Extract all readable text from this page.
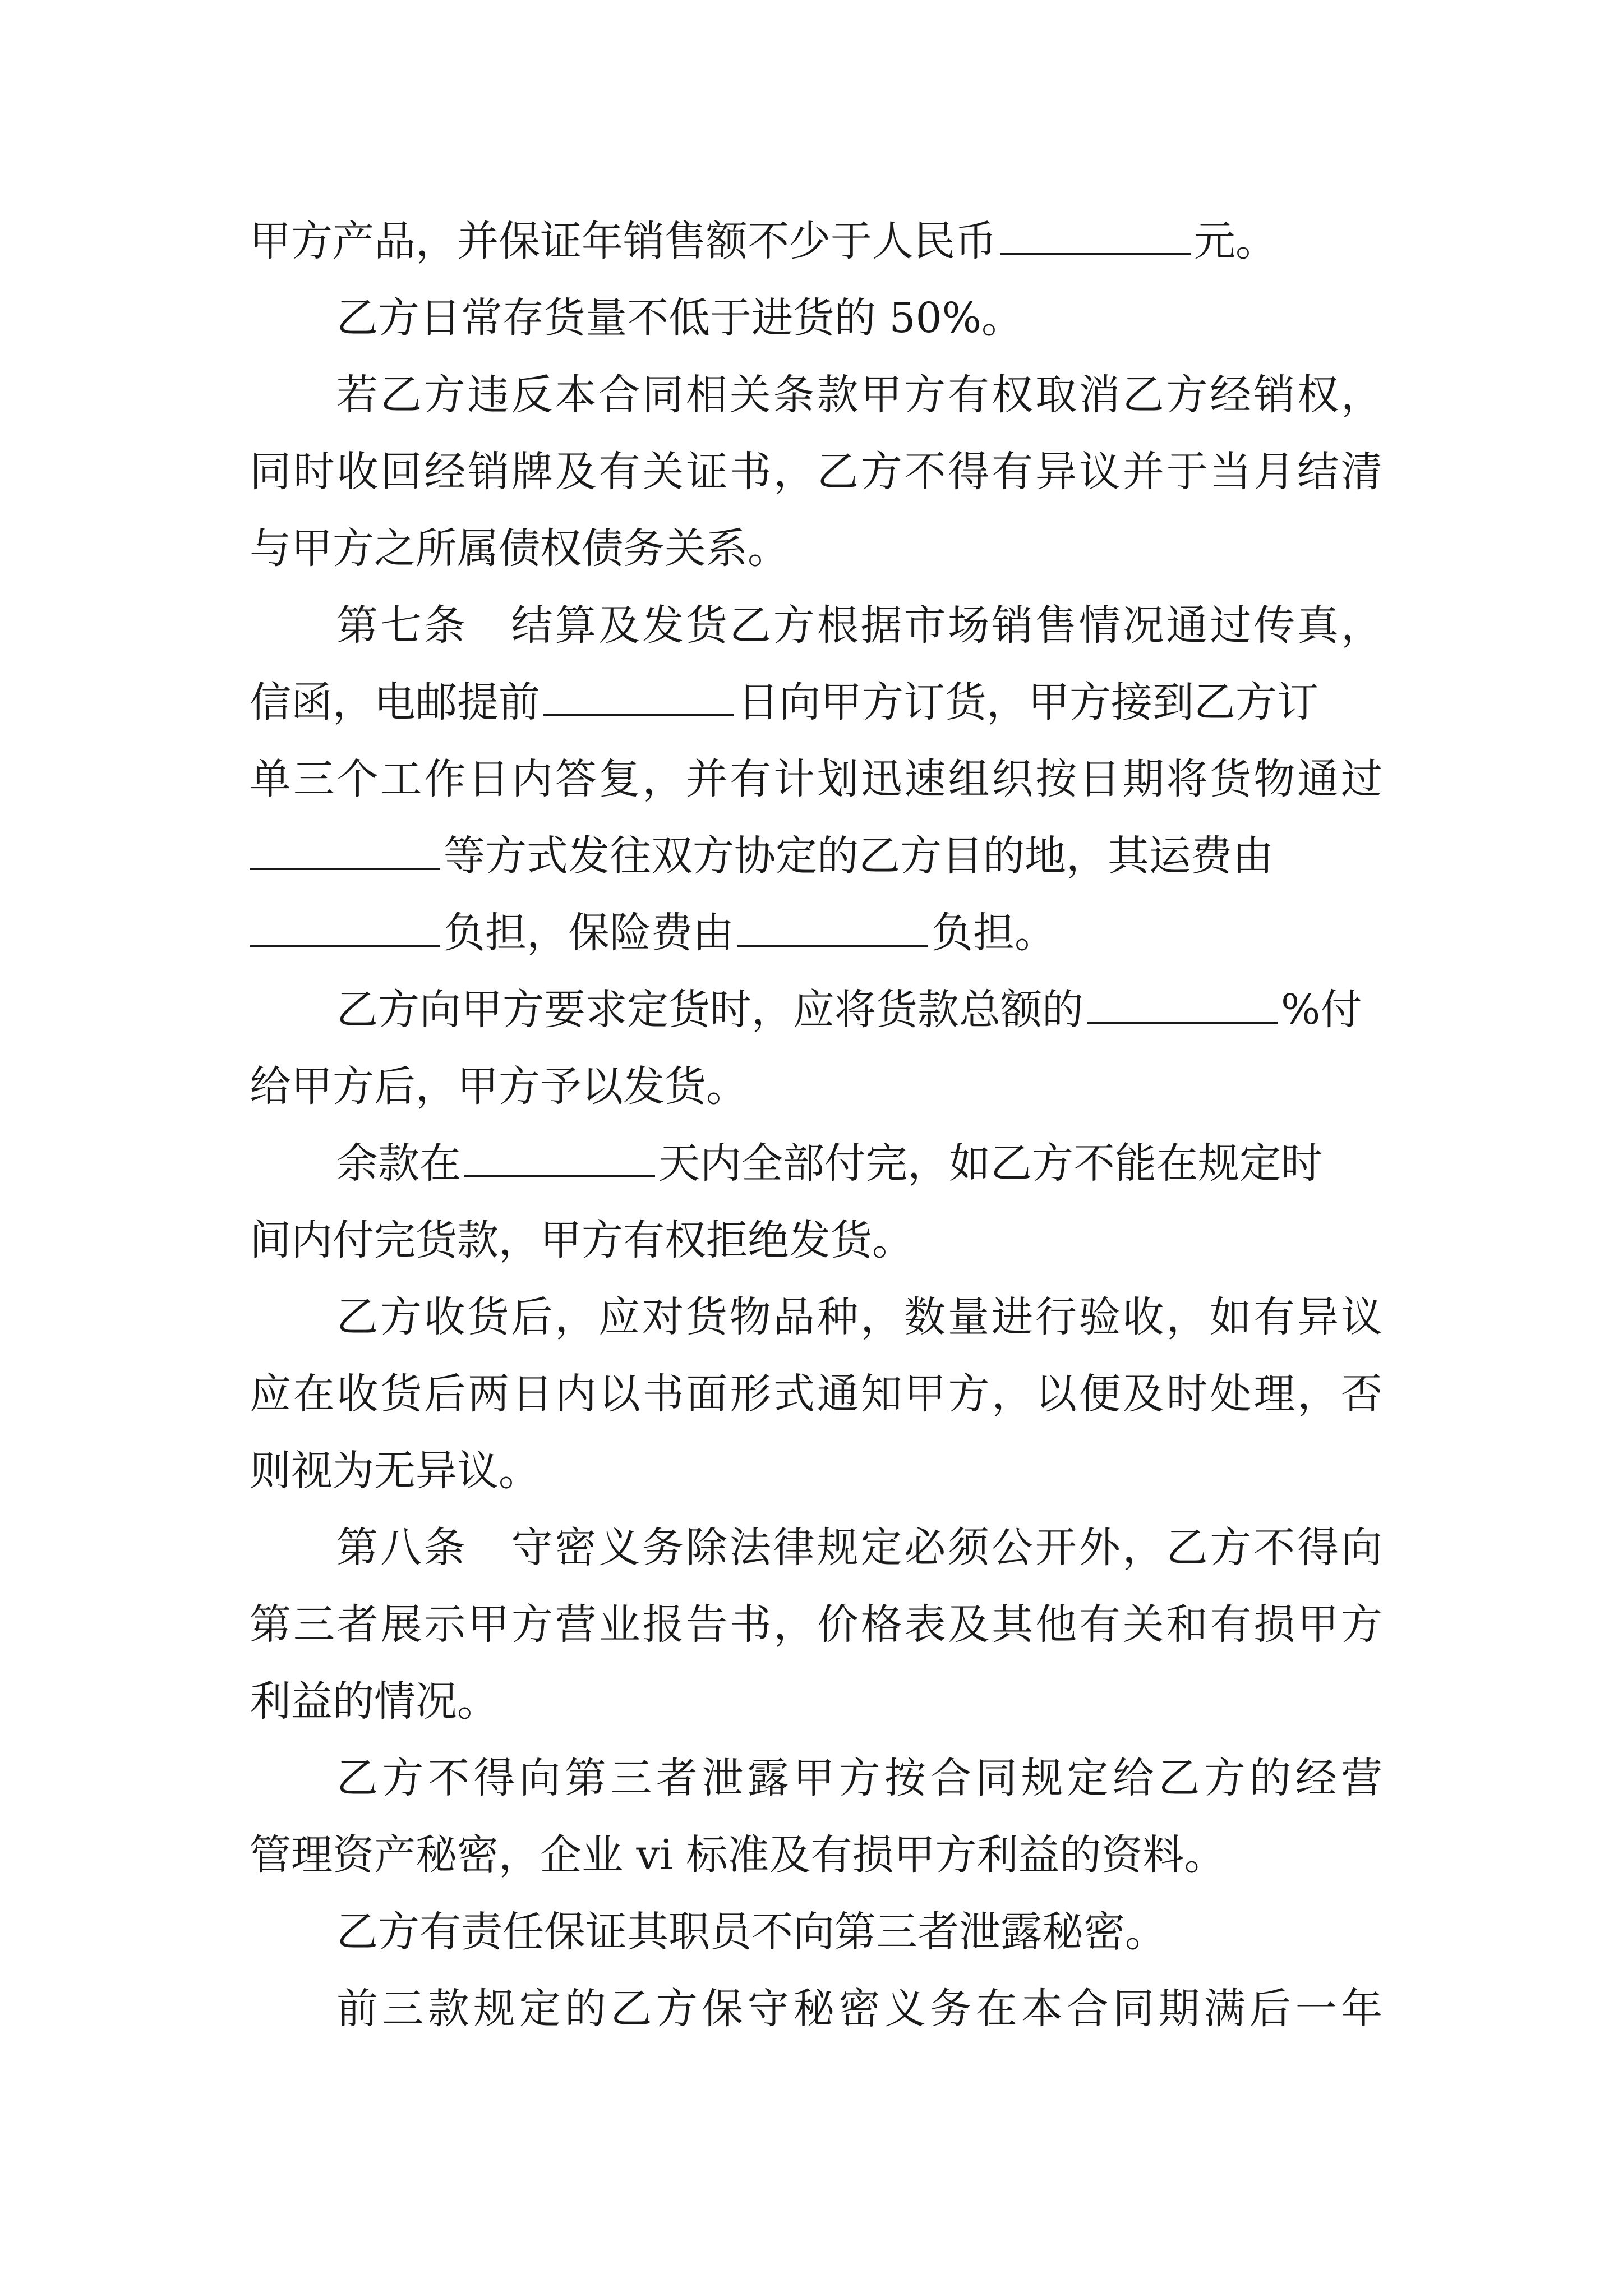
甲方产品，并保证年销售额不少于人民币	元。
乙方日常存货量不低于进货的 50%。
若乙方违反本合同相关条款甲方有权取消乙方经销权，
同时收回经销牌及有关证书，乙方不得有异议并于当月结清
与甲方之所属债权债务关系。
第七条　结算及发货乙方根据市场销售情况通过传真，
信函，电邮提前	日向甲方订货，甲方接到乙方订
单三个工作日内答复，并有计划迅速组织按日期将货物通过
等方式发往双方协定的乙方目的地，其运费由
负担，保险费由	负担。
乙方向甲方要求定货时，应将货款总额的	%付
给甲方后，甲方予以发货。
余款在	天内全部付完，如乙方不能在规定时
间内付完货款，甲方有权拒绝发货。
乙方收货后，应对货物品种，数量进行验收，如有异议
应在收货后两日内以书面形式通知甲方，以便及时处理，否
则视为无异议。
第八条　守密义务除法律规定必须公开外，乙方不得向
第三者展示甲方营业报告书，价格表及其他有关和有损甲方
利益的情况。
乙方不得向第三者泄露甲方按合同规定给乙方的经营
管理资产秘密，企业 vi 标准及有损甲方利益的资料。
乙方有责任保证其职员不向第三者泄露秘密。
前三款规定的乙方保守秘密义务在本合同期满后一年
